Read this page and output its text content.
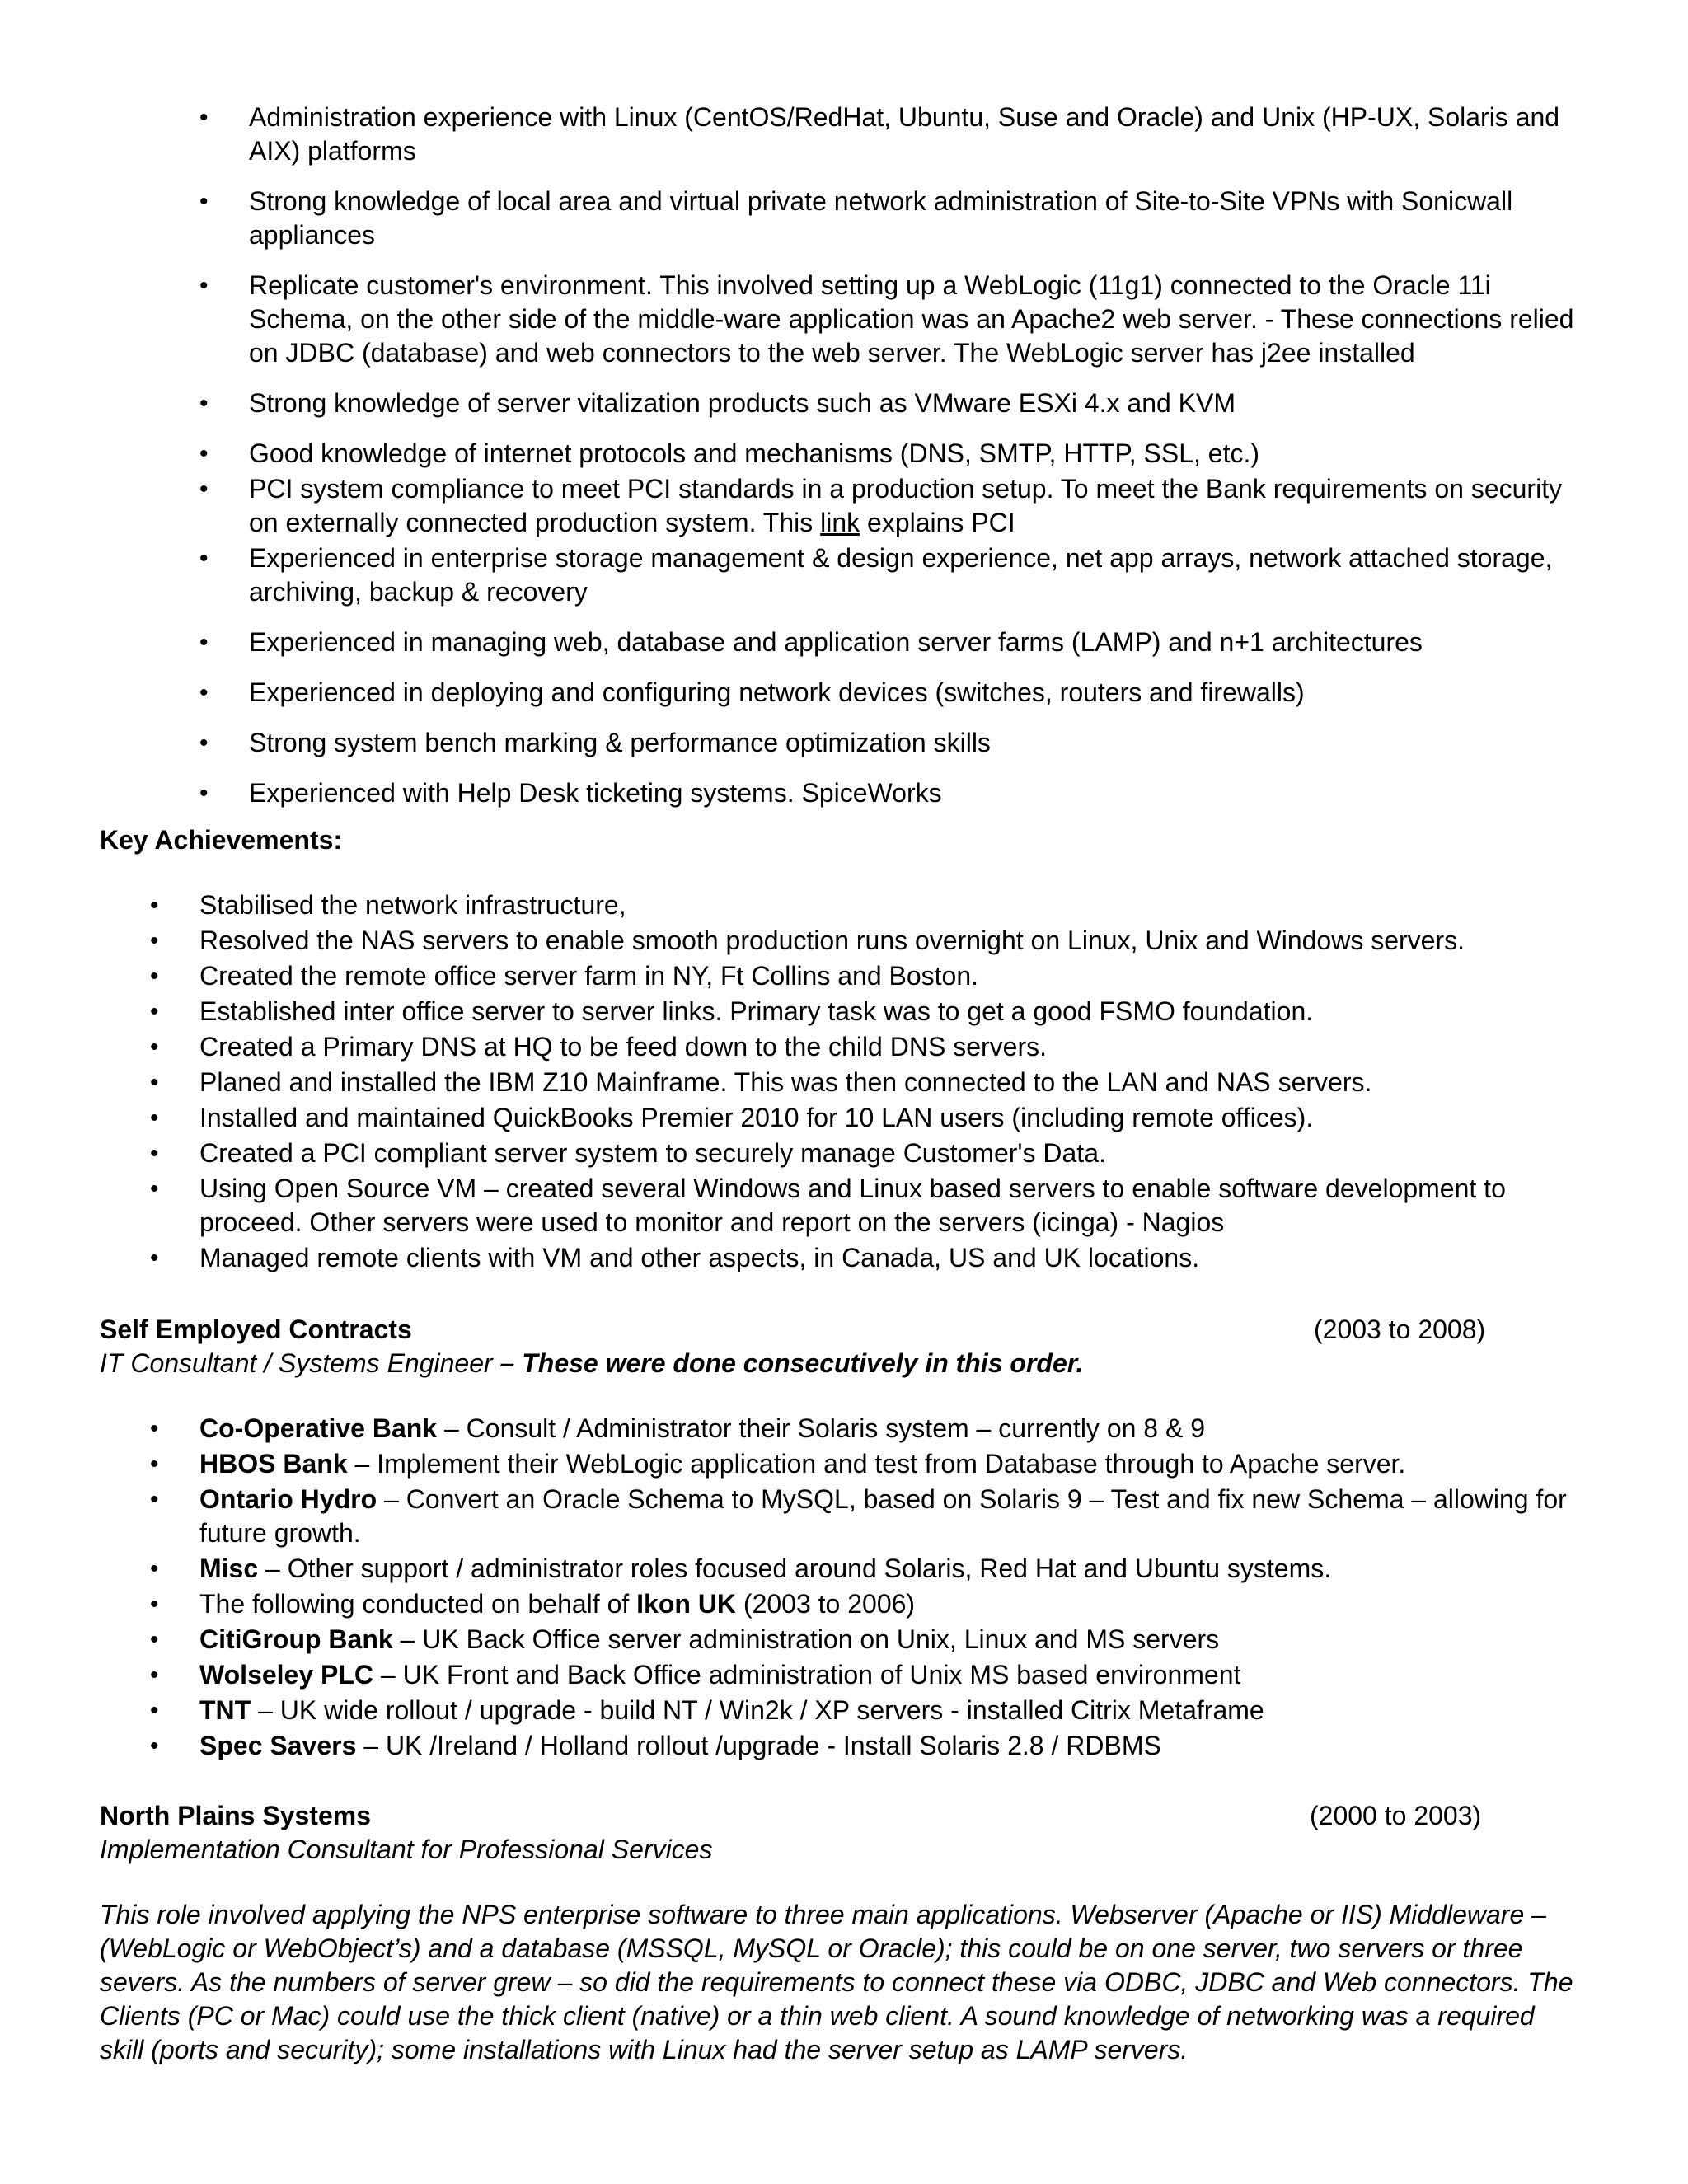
• Administration experience with Linux (CentOS/RedHat, Ubuntu, Suse and Oracle) and Unix (HP-UX, Solaris and AIX) platforms
• Strong knowledge of local area and virtual private network administration of Site-to-Site VPNs with Sonicwall appliances
• Replicate customer's environment. This involved setting up a WebLogic (11g1) connected to the Oracle 11i Schema, on the other side of the middle-ware application was an Apache2 web server. - These connections relied on JDBC (database) and web connectors to the web server. The WebLogic server has j2ee installed
• Strong knowledge of server vitalization products such as VMware ESXi 4.x and KVM
• Good knowledge of internet protocols and mechanisms (DNS, SMTP, HTTP, SSL, etc.)
• PCI system compliance to meet PCI standards in a production setup. To meet the Bank requirements on security on externally connected production system. This link explains PCI
• Experienced in enterprise storage management & design experience, net app arrays, network attached storage, archiving, backup & recovery
• Experienced in managing web, database and application server farms (LAMP) and n+1 architectures
• Experienced in deploying and configuring network devices (switches, routers and firewalls)
• Strong system bench marking & performance optimization skills
• Experienced with Help Desk ticketing systems. SpiceWorks
Key Achievements:
• Stabilised the network infrastructure,
• Resolved the NAS servers to enable smooth production runs overnight on Linux, Unix and Windows servers.
• Created the remote office server farm in NY, Ft Collins and Boston.
• Established inter office server to server links. Primary task was to get a good FSMO foundation.
• Created a Primary DNS at HQ to be feed down to the child DNS servers.
• Planed and installed the IBM Z10 Mainframe. This was then connected to the LAN and NAS servers.
• Installed and maintained QuickBooks Premier 2010 for 10 LAN users (including remote offices).
• Created a PCI compliant server system to securely manage Customer's Data.
• Using Open Source VM – created several Windows and Linux based servers to enable software development to proceed. Other servers were used to monitor and report on the servers (icinga) - Nagios
• Managed remote clients with VM and other aspects, in Canada, US and UK locations.
Self Employed Contracts	(2003 to 2008)
IT Consultant / Systems Engineer – These were done consecutively in this order.
• Co-Operative Bank – Consult / Administrator their Solaris system – currently on 8 & 9
• HBOS Bank – Implement their WebLogic application and test from Database through to Apache server.
• Ontario Hydro – Convert an Oracle Schema to MySQL, based on Solaris 9 – Test and fix new Schema – allowing for future growth.
• Misc – Other support / administrator roles focused around Solaris, Red Hat and Ubuntu systems.
• The following conducted on behalf of Ikon UK (2003 to 2006)
• CitiGroup Bank – UK Back Office server administration on Unix, Linux and MS servers
• Wolseley PLC – UK Front and Back Office administration of Unix MS based environment
• TNT – UK wide rollout / upgrade - build NT / Win2k / XP servers - installed Citrix Metaframe
• Spec Savers – UK /Ireland / Holland rollout /upgrade - Install Solaris 2.8 / RDBMS
North Plains Systems	(2000 to 2003)
Implementation Consultant for Professional Services
This role involved applying the NPS enterprise software to three main applications. Webserver (Apache or IIS) Middleware – (WebLogic or WebObject’s) and a database (MSSQL, MySQL or Oracle); this could be on one server, two servers or three severs. As the numbers of server grew – so did the requirements to connect these via ODBC, JDBC and Web connectors. The Clients (PC or Mac) could use the thick client (native) or a thin web client. A sound knowledge of networking was a required skill (ports and security); some installations with Linux had the server setup as LAMP servers.
